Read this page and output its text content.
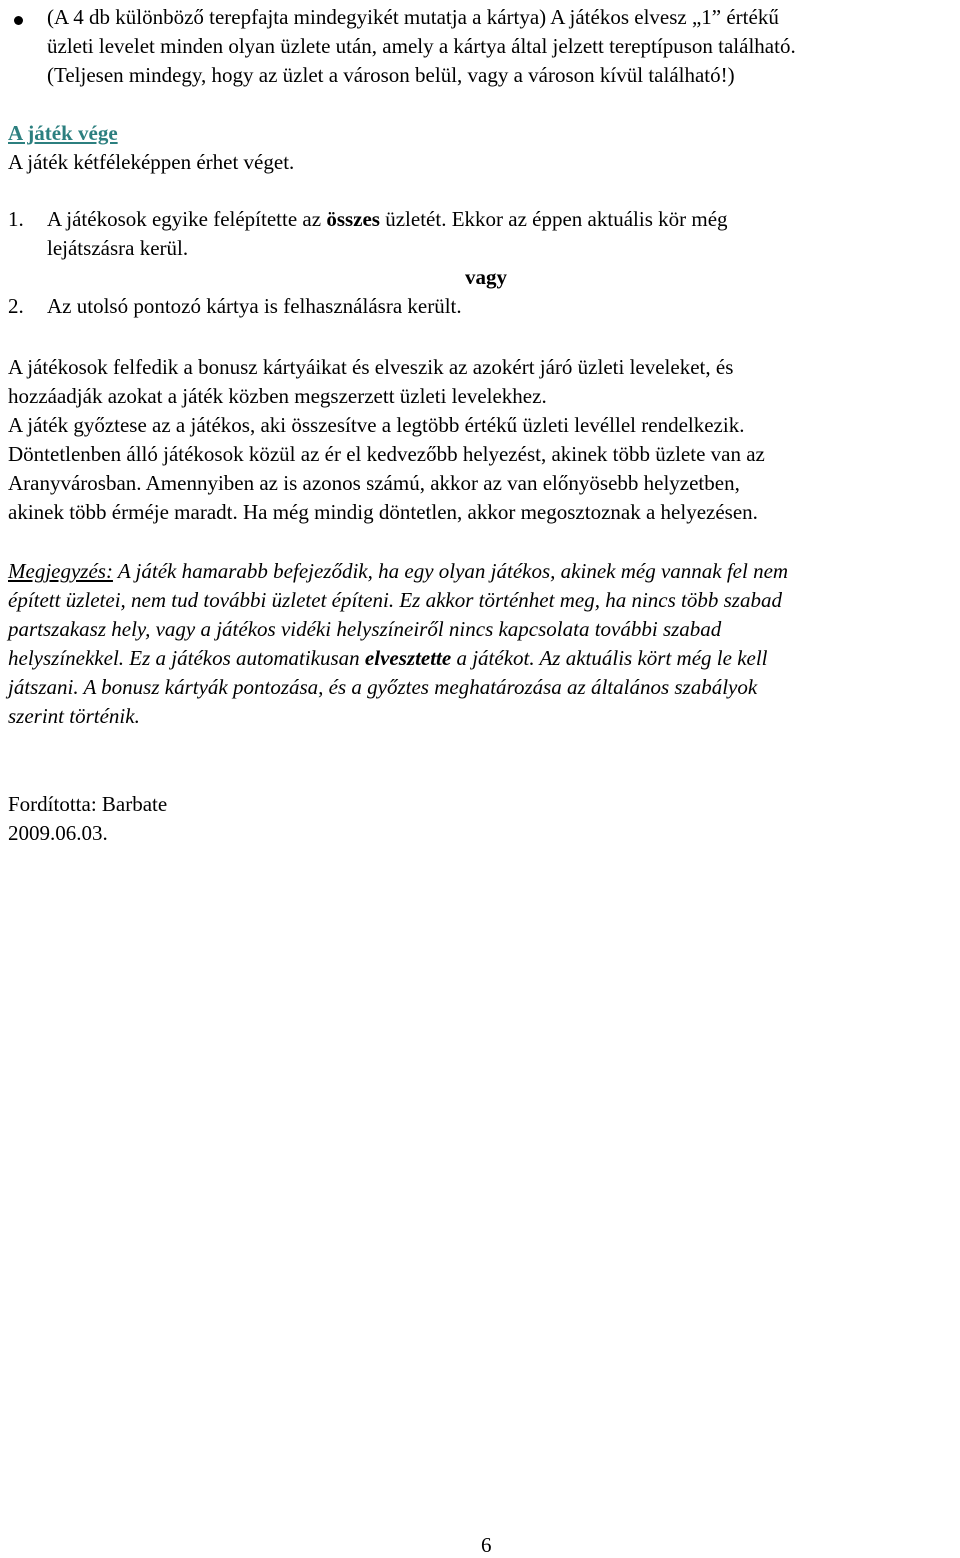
(A 4 db különböző terepfajta mindegyikét mutatja a kártya) A játékos elvesz „1” értékű
üzleti levelet minden olyan üzlete után, amely a kártya által jelzett tereptípuson található.
(Teljesen mindegy, hogy az üzlet a városon belül, vagy a városon kívül található!)
A játék vége
A játék kétféleképpen érhet véget.
1. A játékosok egyike felépítette az összes üzletét. Ekkor az éppen aktuális kör még
lejátszásra kerül.
vagy
2. Az utolsó pontozó kártya is felhasználásra került.
A játékosok felfedik a bonusz kártyáikat és elveszik az azokért járó üzleti leveleket, és
hozzáadják azokat a játék közben megszerzett üzleti levelekhez.
A játék győztese az a játékos, aki összesítve a legtöbb értékű üzleti levéllel rendelkezik.
Döntetlenben álló játékosok közül az ér el kedvezőbb helyezést, akinek több üzlete van az
Aranyvárosban. Amennyiben az is azonos számú, akkor az van előnyösebb helyzetben,
akinek több érméje maradt. Ha még mindig döntetlen, akkor megosztoznak a helyezésen.
Megjegyzés: A játék hamarabb befejeződik, ha egy olyan játékos, akinek még vannak fel nem
épített üzletei, nem tud további üzletet építeni. Ez akkor történhet meg, ha nincs több szabad
partszakasz hely, vagy a játékos vidéki helyszíneiről nincs kapcsolata további szabad
helyszínekkel. Ez a játékos automatikusan elvesztette a játékot. Az aktuális kört még le kell
játszani. A bonusz kártyák pontozása, és a győztes meghatározása az általános szabályok
szerint történik.
Fordította: Barbate
2009.06.03.
6
